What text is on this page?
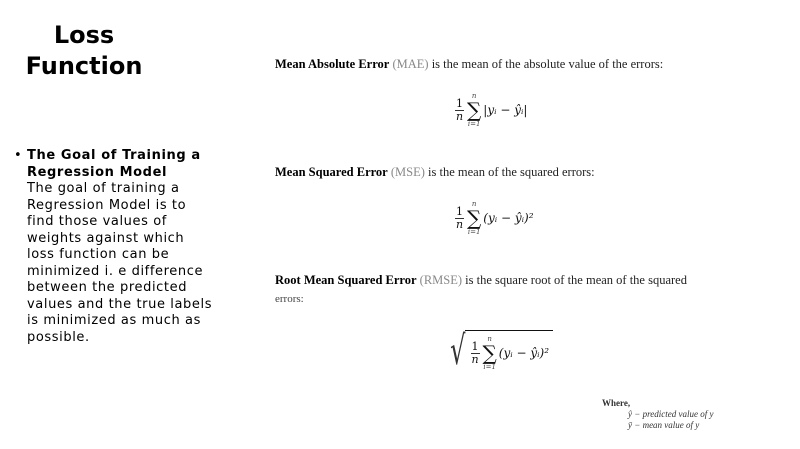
Loss Function
• The Goal of Training a Regression Model
The goal of training a Regression Model is to find those values of weights against which loss function can be minimized i. e difference between the predicted values and the true labels is minimized as much as possible.
Mean Absolute Error (MAE) is the mean of the absolute value of the errors:
$\frac{1}{n}$
n
∑
i=1
|yᵢ − ŷᵢ|
Mean Squared Error (MSE) is the mean of the squared errors:
$\frac{1}{n}$
n
∑
i=1
(yᵢ − ŷᵢ)²
Root Mean Squared Error (RMSE) is the square root of the mean of the squared
errors:
√ $\frac{1}{n}$
n
∑
i=1
(yᵢ − ŷᵢ)²
Where,
ŷ − predicted value of y
ȳ − mean value of y
